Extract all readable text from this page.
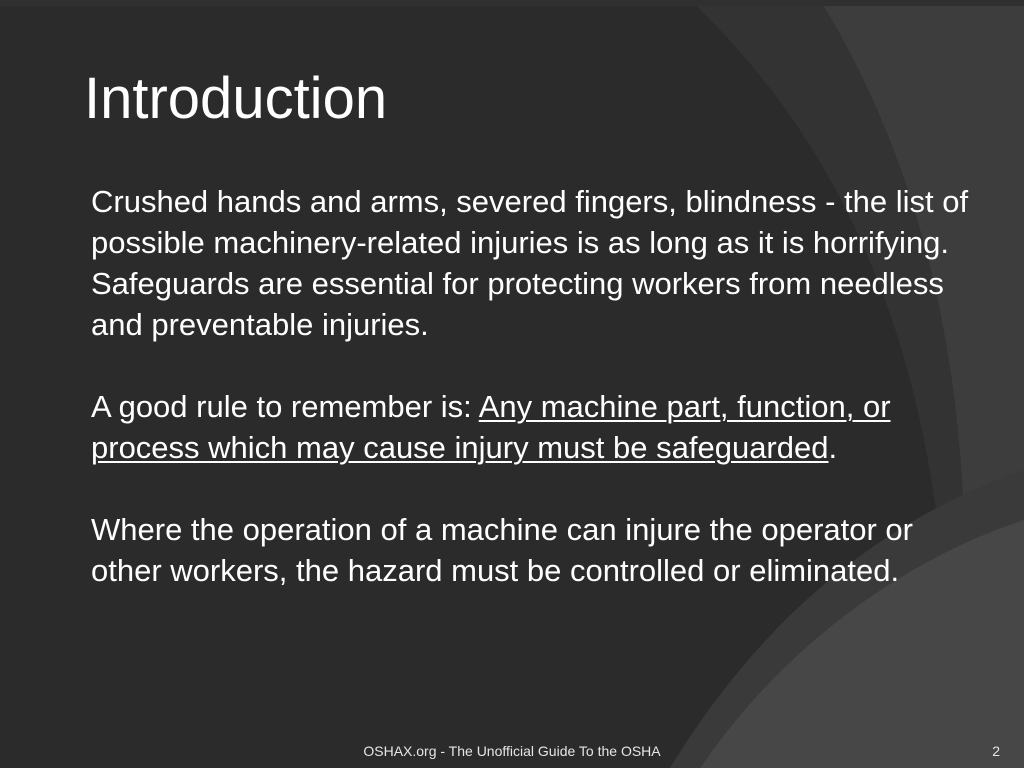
Introduction

Crushed hands and arms, severed fingers, blindness - the list of possible machinery-related injuries is as long as it is horrifying. Safeguards are essential for protecting workers from needless and preventable injuries.

A good rule to remember is: Any machine part, function, or process which may cause injury must be safeguarded.

Where the operation of a machine can injure the operator or other workers, the hazard must be controlled or eliminated.

OSHAX.org - The Unofficial Guide To the OSHA	2
